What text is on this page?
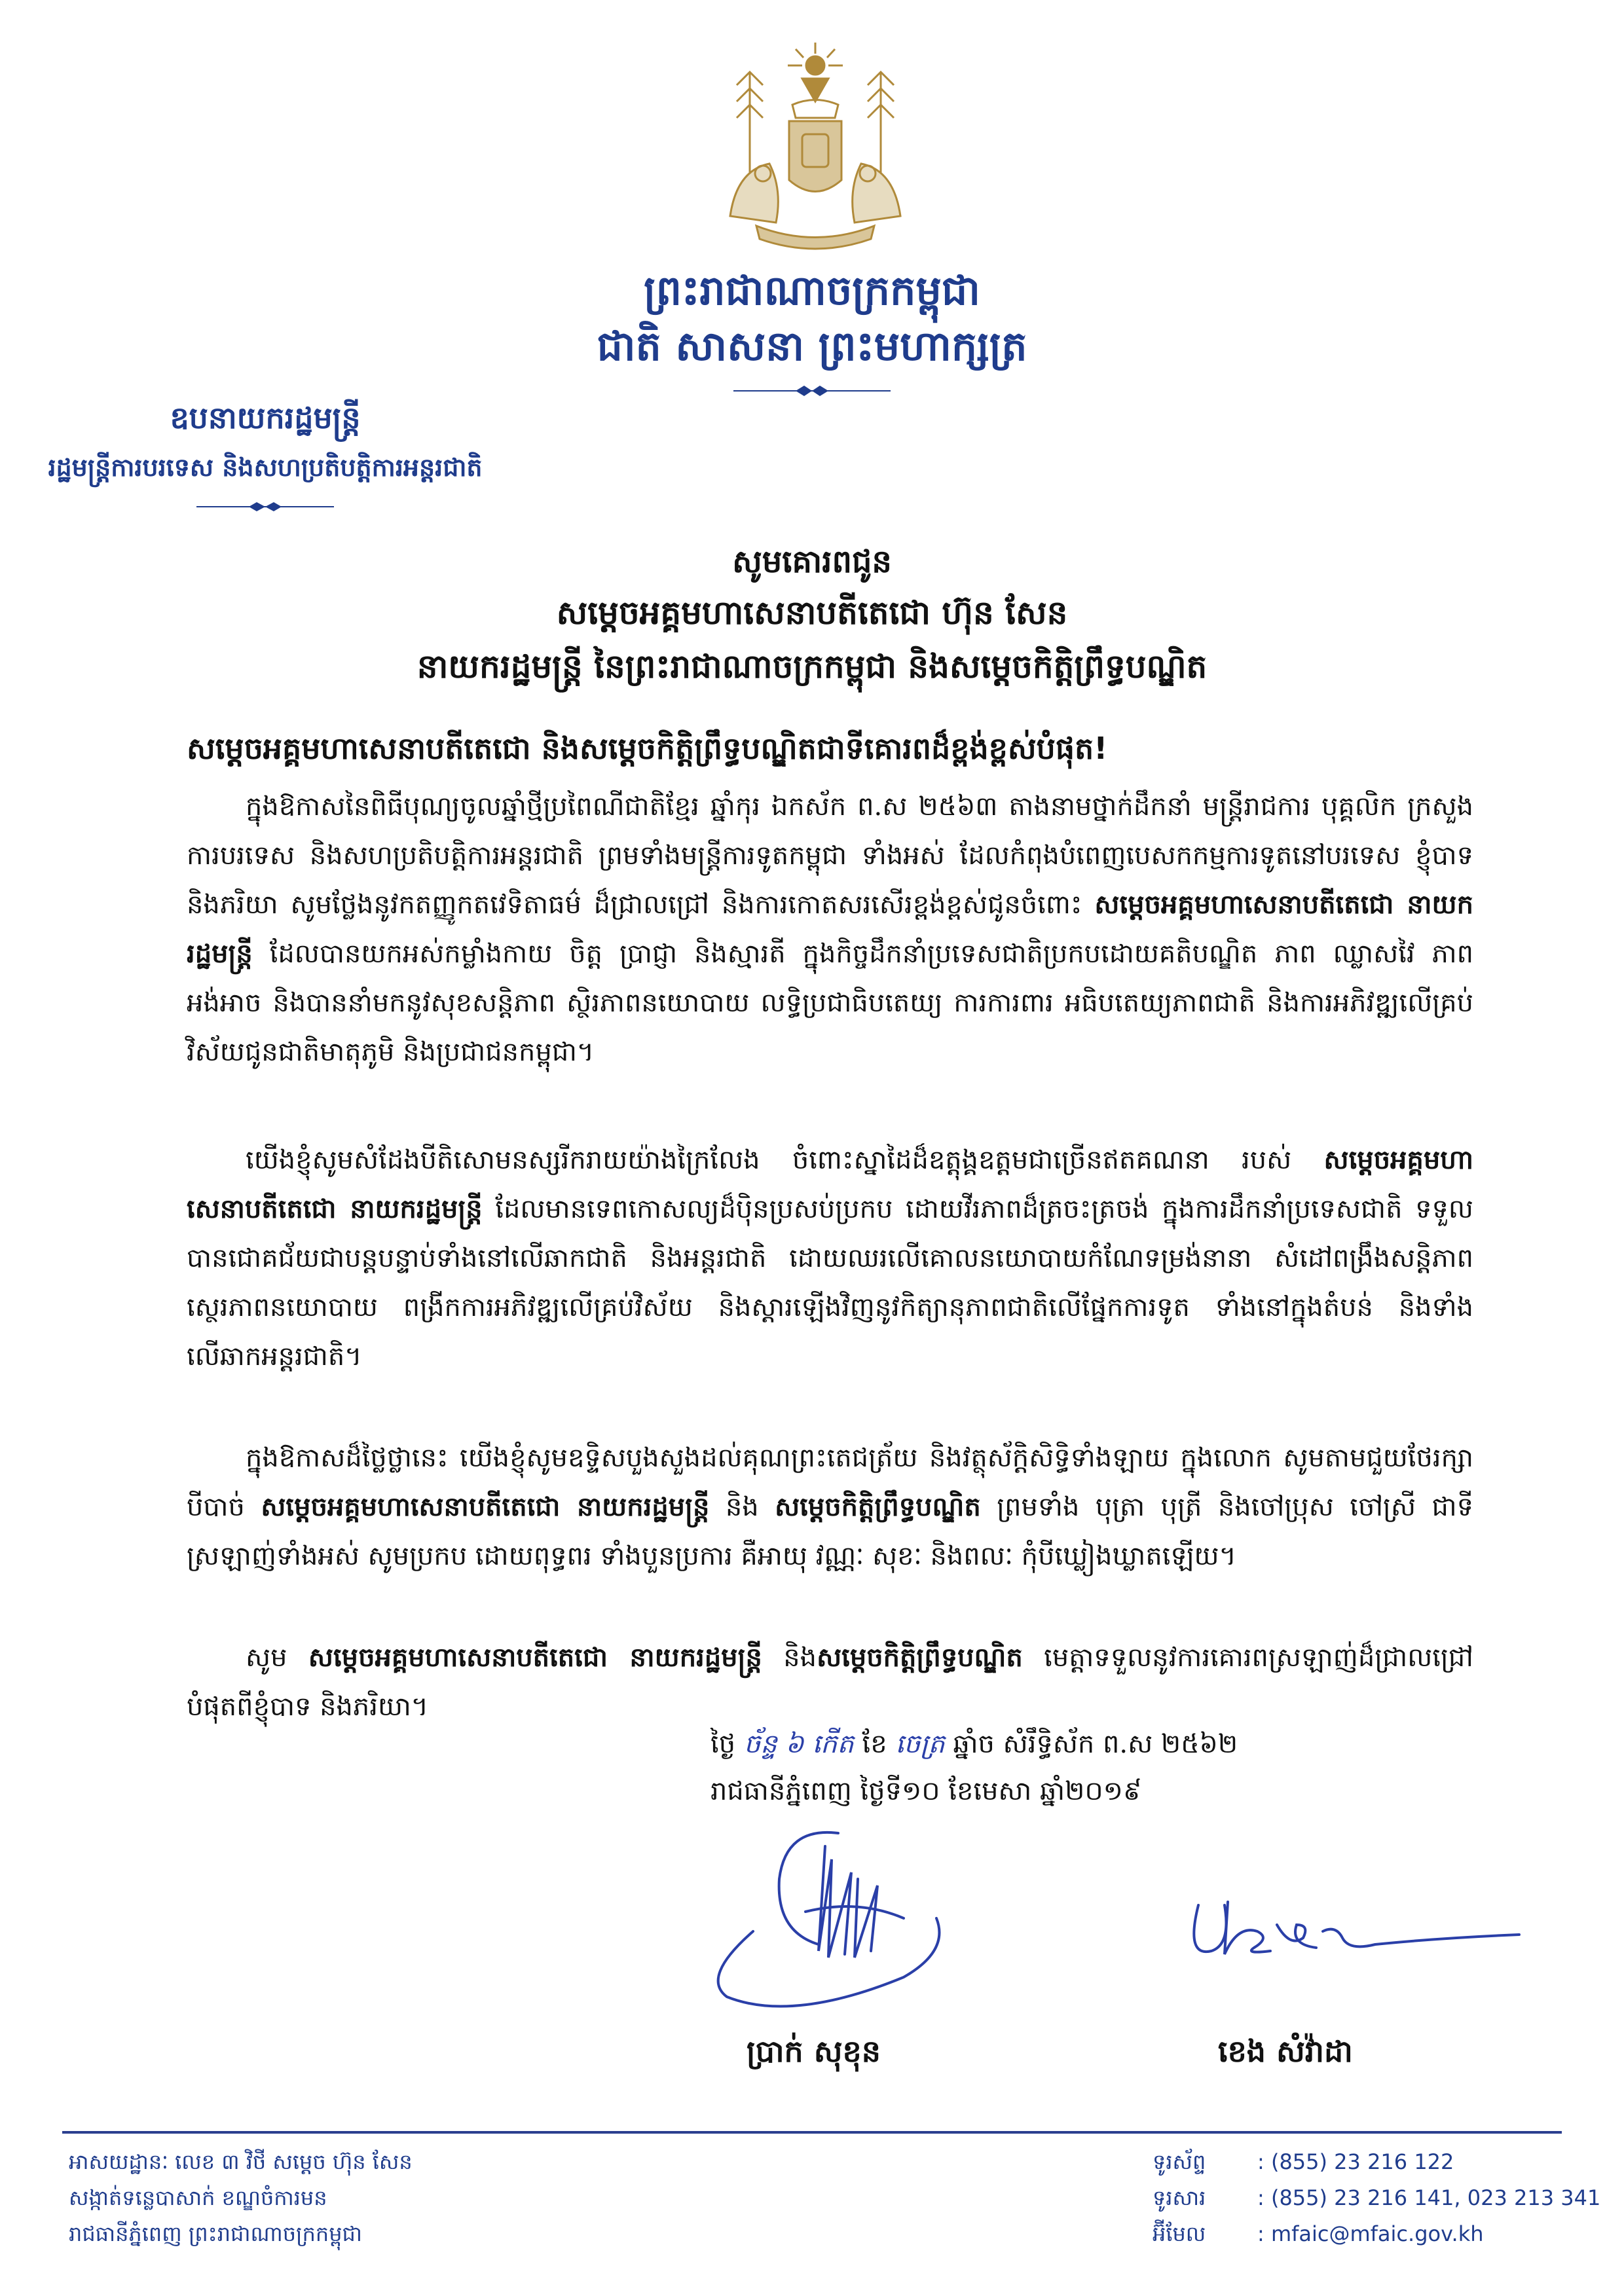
ព្រះរាជាណាចក្រកម្ពុជា
ជាតិ សាសនា ព្រះមហាក្សត្រ
ឧបនាយករដ្ឋមន្ត្រី
រដ្ឋមន្ត្រីការបរទេស និងសហប្រតិបត្តិការអន្តរជាតិ
សូមគោរពជូន
សម្តេចអគ្គមហាសេនាបតីតេជោ ហ៊ុន សែន
នាយករដ្ឋមន្ត្រី នៃព្រះរាជាណាចក្រកម្ពុជា និងសម្តេចកិត្តិព្រឹទ្ធបណ្ឌិត
សម្តេចអគ្គមហាសេនាបតីតេជោ និងសម្តេចកិត្តិព្រឹទ្ធបណ្ឌិតជាទីគោរពដ៏ខ្ពង់ខ្ពស់បំផុត!
ក្នុងឱកាសនៃពិធីបុណ្យចូលឆ្នាំថ្មីប្រពៃណីជាតិខ្មែរ ឆ្នាំកុរ ឯកស័ក ព.ស ២៥៦៣ តាងនាមថ្នាក់ដឹកនាំ មន្ត្រីរាជការ បុគ្គលិក ក្រសួងការបរទេស និងសហប្រតិបត្តិការអន្តរជាតិ ព្រមទាំងមន្ត្រីការទូតកម្ពុជា ទាំងអស់ ដែលកំពុងបំពេញបេសកកម្មការទូតនៅបរទេស ខ្ញុំបាទ និងភរិយា សូមថ្លែងនូវកតញ្ញូកតវេទិតាធម៌ ដ៏ជ្រាលជ្រៅ និងការកោតសរសើរខ្ពង់ខ្ពស់ជូនចំពោះ សម្តេចអគ្គមហាសេនាបតីតេជោ នាយករដ្ឋមន្ត្រី ដែលបានយកអស់កម្លាំងកាយ ចិត្ត ប្រាជ្ញា និងស្មារតី ក្នុងកិច្ចដឹកនាំប្រទេសជាតិប្រកបដោយគតិបណ្ឌិត ភាព ឈ្លាសវៃ ភាពអង់អាច និងបាននាំមកនូវសុខសន្តិភាព ស្ថិរភាពនយោបាយ លទ្ធិប្រជាធិបតេយ្យ ការការពារ អធិបតេយ្យភាពជាតិ និងការអភិវឌ្ឍលើគ្រប់វិស័យជូនជាតិមាតុភូមិ និងប្រជាជនកម្ពុជា។
យើងខ្ញុំសូមសំដែងបីតិសោមនស្សរីករាយយ៉ាងក្រៃលែង ចំពោះស្នាដៃដ៏ឧត្តុង្គឧត្តមជាច្រើនឥតគណនា របស់ សម្តេចអគ្គមហាសេនាបតីតេជោ នាយករដ្ឋមន្ត្រី ដែលមានទេពកោសល្យដ៏ប៉ិនប្រសប់ប្រកប ដោយវីរភាពដ៏ត្រចះត្រចង់ ក្នុងការដឹកនាំប្រទេសជាតិ ទទួលបានជោគជ័យជាបន្តបន្ទាប់ទាំងនៅលើឆាកជាតិ និងអន្តរជាតិ ដោយឈរលើគោលនយោបាយកំណែទម្រង់នានា សំដៅពង្រឹងសន្តិភាព ស្ថេរភាពនយោបាយ ពង្រីកការអភិវឌ្ឍលើគ្រប់វិស័យ និងស្តារឡើងវិញនូវកិត្យានុភាពជាតិលើផ្នែកការទូត ទាំងនៅក្នុងតំបន់ និងទាំង លើឆាកអន្តរជាតិ។
ក្នុងឱកាសដ៏ថ្លៃថ្លានេះ យើងខ្ញុំសូមឧទ្ទិសបួងសួងដល់គុណព្រះតេជត្រ័យ និងវត្ថុស័ក្តិសិទ្ធិទាំងឡាយ ក្នុងលោក សូមតាមជួយថែរក្សាបីបាច់ សម្តេចអគ្គមហាសេនាបតីតេជោ នាយករដ្ឋមន្ត្រី និង សម្តេចកិត្តិព្រឹទ្ធបណ្ឌិត ព្រមទាំង បុត្រា បុត្រី និងចៅប្រុស ចៅស្រី ជាទីស្រឡាញ់ទាំងអស់ សូមប្រកប ដោយពុទ្ធពរ ទាំងបួនប្រការ គឺអាយុ វណ្ណៈ សុខៈ និងពលៈ កុំបីឃ្លៀងឃ្លាតឡើយ។
សូម សម្តេចអគ្គមហាសេនាបតីតេជោ នាយករដ្ឋមន្ត្រី និងសម្តេចកិត្តិព្រឹទ្ធបណ្ឌិត មេត្តាទទួលនូវការគោរពស្រឡាញ់ដ៏ជ្រាលជ្រៅបំផុតពីខ្ញុំបាទ និងភរិយា។
ថ្ងៃ ច័ន្ទ ៦ កើត ខែ ចេត្រ ឆ្នាំច សំរឹទ្ធិស័ក ព.ស ២៥៦២
រាជធានីភ្នំពេញ ថ្ងៃទី១០ ខែមេសា ឆ្នាំ២០១៩
ប្រាក់ សុខុន	ខេង សំវ៉ាដា
អាសយដ្ឋានៈ លេខ ៣ វិថី សម្តេច ហ៊ុន សែន
សង្កាត់ទន្លេបាសាក់ ខណ្ឌចំការមន
រាជធានីភ្នំពេញ ព្រះរាជាណាចក្រកម្ពុជា
ទូរស័ព្ទ : (855) 23 216 122
ទូរសារ : (855) 23 216 141, 023 213 341
អ៊ីមែល : mfaic@mfaic.gov.kh
